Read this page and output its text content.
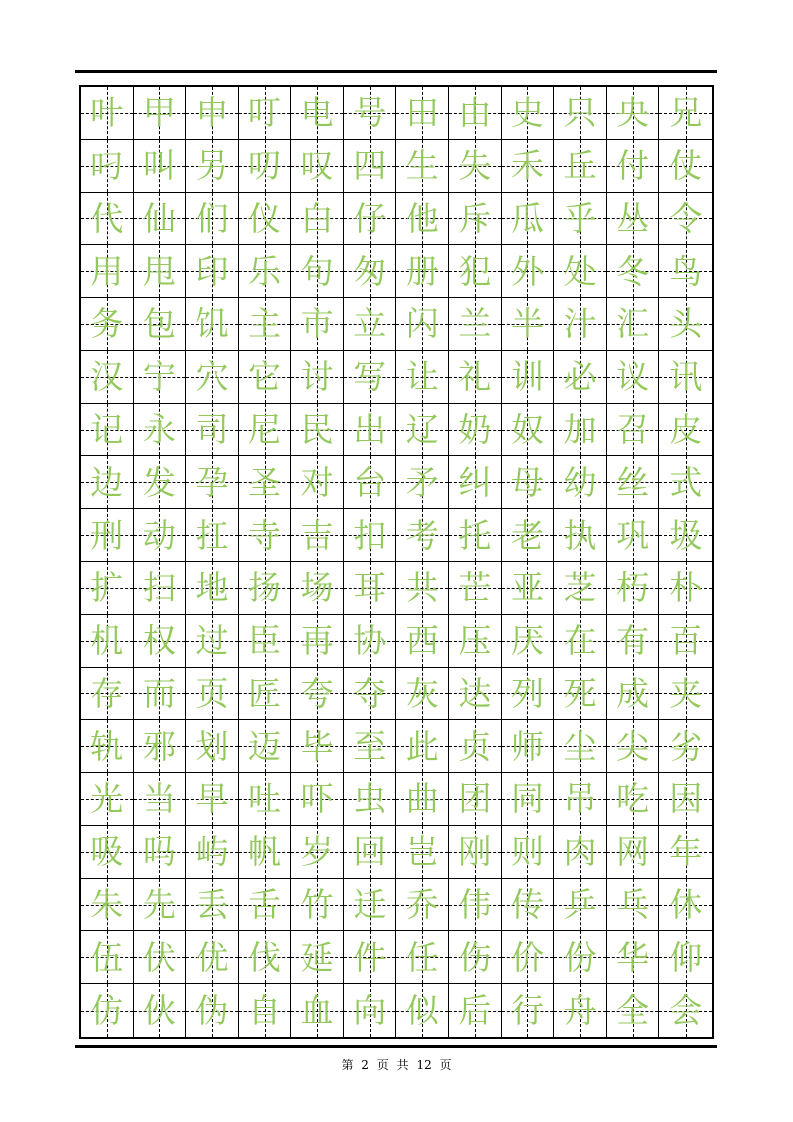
叶 甲 申 叮 电 号 田 由 史 只 央 兄
叼 叫 另 叨 叹 四 生 失 禾 丘 付 仗
代 仙 们 仪 白 仔 他 斥 瓜 乎 丛 令
用 甩 印 乐 句 匆 册 犯 外 处 冬 鸟
务 包 饥 主 市 立 闪 兰 半 汁 汇 头
汉 宁 穴 它 讨 写 让 礼 训 必 议 讯
记 永 司 尼 民 出 辽 奶 奴 加 召 皮
边 发 孕 圣 对 台 矛 纠 母 幼 丝 式
刑 动 扛 寺 吉 扣 考 托 老 执 巩 圾
扩 扫 地 扬 场 耳 共 芒 亚 芝 朽 朴
机 权 过 臣 再 协 西 压 厌 在 有 百
存 而 页 匠 夸 夺 灰 达 列 死 成 夹
轨 邪 划 迈 毕 至 此 贞 师 尘 尖 劣
光 当 早 吐 吓 虫 曲 团 同 吊 吃 因
吸 吗 屿 帆 岁 回 岂 刚 则 肉 网 年
朱 先 丢 舌 竹 迁 乔 伟 传 乒 乓 休
伍 伏 优 伐 延 件 任 伤 价 份 华 仰
仿 伙 伪 自 血 向 似 后 行 舟 全 会
第 2 页 共 12 页
